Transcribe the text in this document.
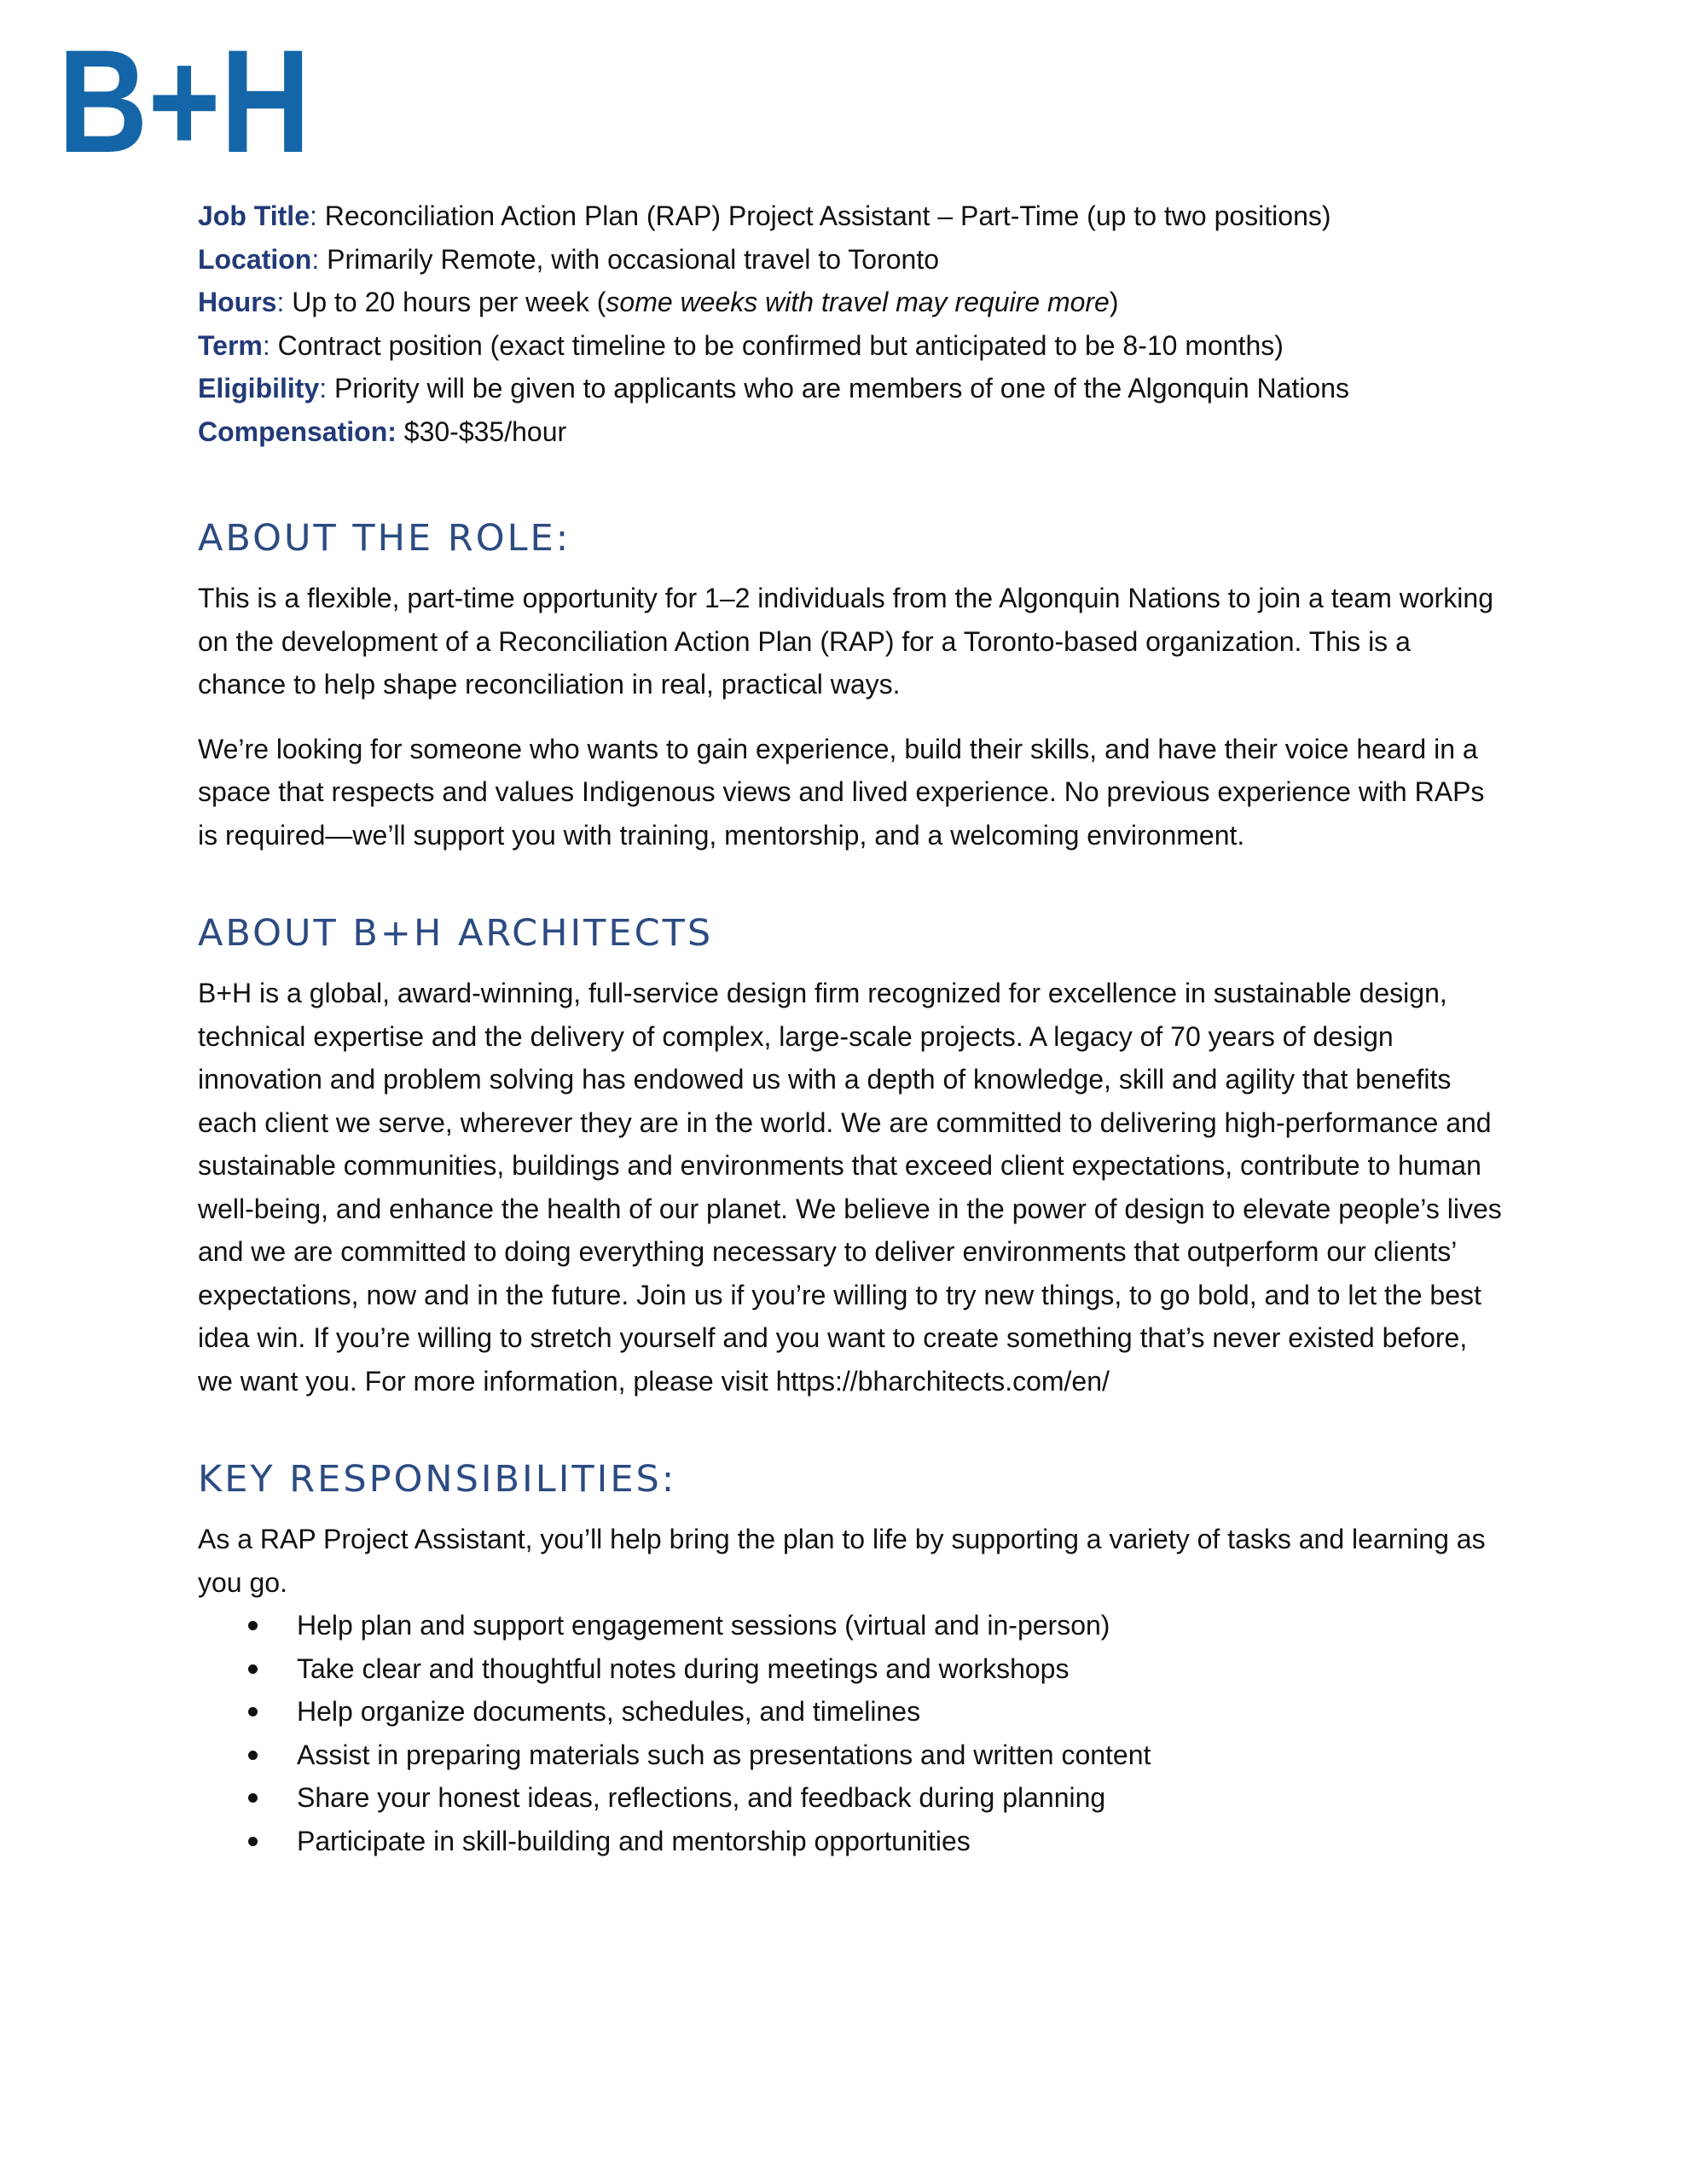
B+H
Job Title: Reconciliation Action Plan (RAP) Project Assistant – Part-Time (up to two positions)
Location: Primarily Remote, with occasional travel to Toronto
Hours: Up to 20 hours per week (some weeks with travel may require more)
Term: Contract position (exact timeline to be confirmed but anticipated to be 8-10 months)
Eligibility: Priority will be given to applicants who are members of one of the Algonquin Nations
Compensation: $30-$35/hour
ABOUT THE ROLE:

This is a flexible, part-time opportunity for 1–2 individuals from the Algonquin Nations to join a team working on the development of a Reconciliation Action Plan (RAP) for a Toronto-based organization. This is a chance to help shape reconciliation in real, practical ways.

We’re looking for someone who wants to gain experience, build their skills, and have their voice heard in a space that respects and values Indigenous views and lived experience. No previous experience with RAPs is required—we’ll support you with training, mentorship, and a welcoming environment.

ABOUT B+H ARCHITECTS

B+H is a global, award-winning, full-service design firm recognized for excellence in sustainable design, technical expertise and the delivery of complex, large-scale projects. A legacy of 70 years of design innovation and problem solving has endowed us with a depth of knowledge, skill and agility that benefits each client we serve, wherever they are in the world. We are committed to delivering high-performance and sustainable communities, buildings and environments that exceed client expectations, contribute to human well-being, and enhance the health of our planet. We believe in the power of design to elevate people’s lives and we are committed to doing everything necessary to deliver environments that outperform our clients’ expectations, now and in the future. Join us if you’re willing to try new things, to go bold, and to let the best idea win. If you’re willing to stretch yourself and you want to create something that’s never existed before, we want you. For more information, please visit https://bharchitects.com/en/

KEY RESPONSIBILITIES:

As a RAP Project Assistant, you’ll help bring the plan to life by supporting a variety of tasks and learning as you go.

Help plan and support engagement sessions (virtual and in-person)
Take clear and thoughtful notes during meetings and workshops
Help organize documents, schedules, and timelines
Assist in preparing materials such as presentations and written content
Share your honest ideas, reflections, and feedback during planning
Participate in skill-building and mentorship opportunities
